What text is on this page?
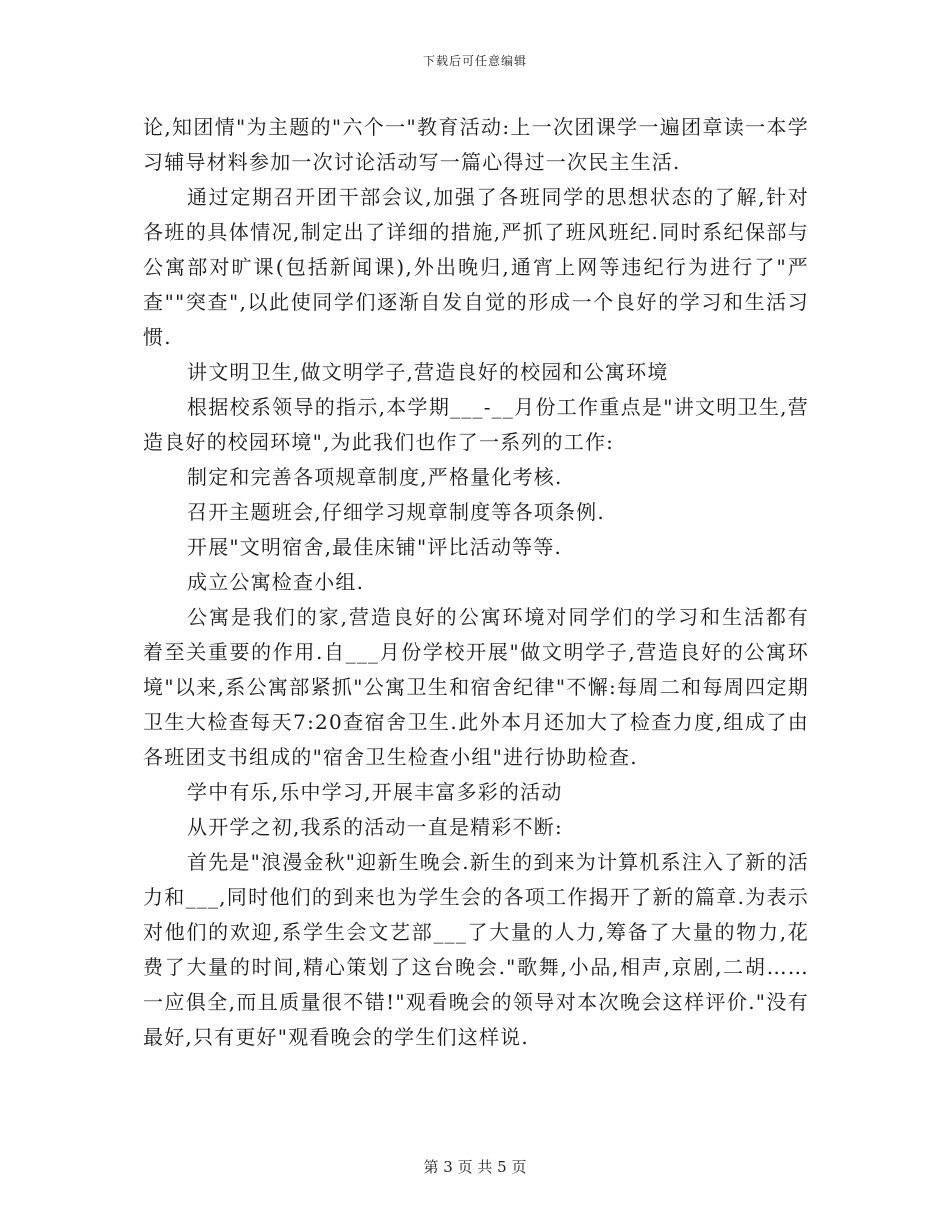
下载后可任意编辑

论,知团情"为主题的"六个一"教育活动:上一次团课学一遍团章读一本学习辅导材料参加一次讨论活动写一篇心得过一次民主生活.

通过定期召开团干部会议,加强了各班同学的思想状态的了解,针对各班的具体情况,制定出了详细的措施,严抓了班风班纪.同时系纪保部与公寓部对旷课(包括新闻课),外出晚归,通宵上网等违纪行为进行了"严查""突查",以此使同学们逐渐自发自觉的形成一个良好的学习和生活习惯.

讲文明卫生,做文明学子,营造良好的校园和公寓环境

根据校系领导的指示,本学期___-__月份工作重点是"讲文明卫生,营造良好的校园环境",为此我们也作了一系列的工作:

制定和完善各项规章制度,严格量化考核.

召开主题班会,仔细学习规章制度等各项条例.

开展"文明宿舍,最佳床铺"评比活动等等.

成立公寓检查小组.

公寓是我们的家,营造良好的公寓环境对同学们的学习和生活都有着至关重要的作用.自___月份学校开展"做文明学子,营造良好的公寓环境"以来,系公寓部紧抓"公寓卫生和宿舍纪律"不懈:每周二和每周四定期卫生大检查每天7:20查宿舍卫生.此外本月还加大了检查力度,组成了由各班团支书组成的"宿舍卫生检查小组"进行协助检查.

学中有乐,乐中学习,开展丰富多彩的活动

从开学之初,我系的活动一直是精彩不断:

首先是"浪漫金秋"迎新生晚会.新生的到来为计算机系注入了新的活力和___,同时他们的到来也为学生会的各项工作揭开了新的篇章.为表示对他们的欢迎,系学生会文艺部___了大量的人力,筹备了大量的物力,花费了大量的时间,精心策划了这台晚会."歌舞,小品,相声,京剧,二胡……一应俱全,而且质量很不错!"观看晚会的领导对本次晚会这样评价."没有最好,只有更好"观看晚会的学生们这样说.

第 3 页 共 5 页
